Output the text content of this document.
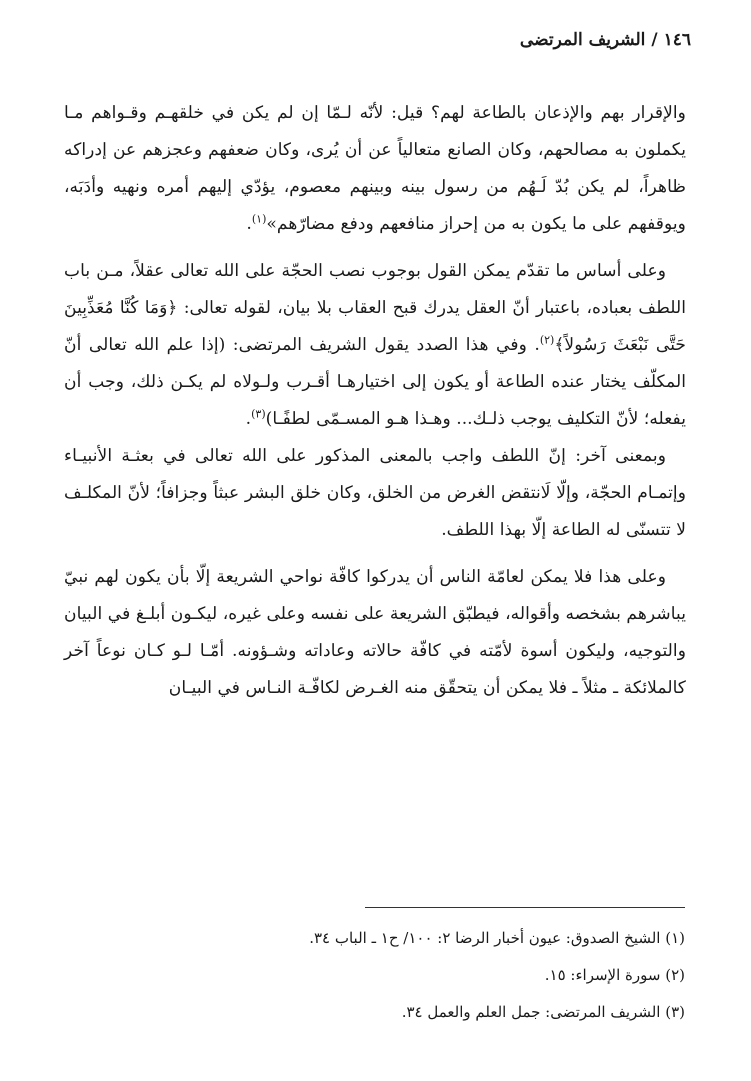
١٤٦/الشريف المرتضى

والإقرار بهم والإذعان بالطاعة لهم؟ قيل: لأنّه لـمّا إن لم يكن في خلقهـم وقـواهم مـا يكملون به مصالحهم، وكان الصانع متعالياً عن أن يُرى، وكان ضعفهم وعجزهم عن إدراكه ظاهراً، لم يكن بُدّ لَـهُم من رسول بينه وبينهم معصوم، يؤدّي إليهم أمره ونهيه وأدَبَه، ويوقفهم على ما يكون به من إحراز منافعهم ودفع مضارّهم»$^{(١)}$.

وعلى أساس ما تقدّم يمكن القول بوجوب نصب الحجّة على الله تعالى عقلاً، مـن باب اللطف بعباده، باعتبار أنّ العقل يدرك قبح العقاب بلا بيان، لقوله تعالى: ﴿وَمَا كُنَّا مُعَذِّبِينَ حَتَّى نَبْعَثَ رَسُولاً﴾$^{(٢)}$. وفي هذا الصدد يقول الشريف المرتضى: (إذا علم الله تعالى أنّ المكلّف يختار عنده الطاعة أو يكون إلى اختيارهـا أقـرب ولـولاه لم يكـن ذلك، وجب أن يفعله؛ لأنّ التكليف يوجب ذلـك... وهـذا هـو المسـمّى لطفًـا)$^{(٣)}$.

وبمعنى آخر: إنّ اللطف واجب بالمعنى المذكور على الله تعالى في بعثـة الأنبيـاء وإتمـام الحجّة، وإلّا لَانتقض الغرض من الخلق، وكان خلق البشر عبثاً وجزافاً؛ لأنّ المكلـف لا تتسنّى له الطاعة إلّا بهذا اللطف.

وعلى هذا فلا يمكن لعامّة الناس أن يدركوا كافّة نواحي الشريعة إلّا بأن يكون لهم نبيّ يباشرهم بشخصه وأقواله، فيطبّق الشريعة على نفسه وعلى غيره، ليكـون أبلـغ في البيان والتوجيه، وليكون أسوة لأمّته في كافّة حالاته وعاداته وشـؤونه. أمّـا لـو كـان نوعاً آخر كالملائكة ـ مثلاً ـ فلا يمكن أن يتحقّق منه الغـرض لكافّـة النـاس في البيـان

(١) الشيخ الصدوق: عيون أخبار الرضا ٢: ١٠٠/ ح١ ـ الباب ٣٤.
(٢) سورة الإسراء: ١٥.
(٣) الشريف المرتضى: جمل العلم والعمل ٣٤.
